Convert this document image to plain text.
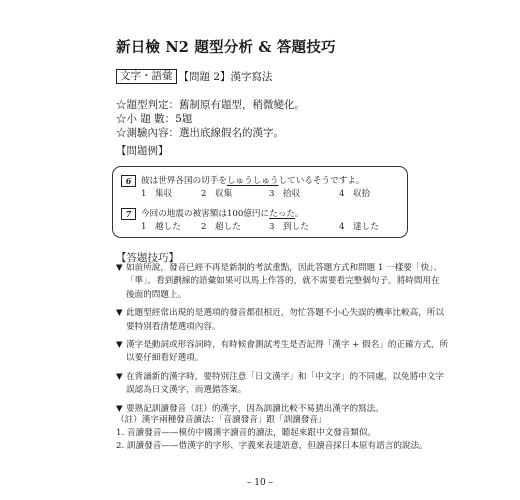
新日檢 N2 題型分析 & 答題技巧
文字・語彙 【問題 2】漢字寫法
☆題型判定：舊制原有題型，稍微變化。
☆小 題 數：5題
☆測驗內容：選出底線假名的漢字。
【問題例】
6 彼は世界各国の切手をしゅうしゅうしているそうですよ。
1　集収	2　収集	3　拾収	4　収拾
7 今回の地震の被害額は100億円にたった。
1　越した 2　超した	3　到した	4　達した
【答題技巧】
▼ 如前所說，發音已經不再是新制的考試重點，因此答題方式和問題 1 一樣要「快」、
「準」。看到劃線的語彙如果可以馬上作答的，就不需要看完整個句子。將時間用在
後面的問題上。
▼ 此題型經常出現的是選項的發音都很相近，勿忙答題不小心失誤的機率比較高，所以
要特別看清楚選項內容。
▼ 漢字是動詞或形容詞時，有時候會測試考生是否記得「漢字 + 假名」的正確方式，所
以要仔細看好選項。
▼ 在背誦新的漢字時，要特別注意「日文漢字」和「中文字」的不同處，以免將中文字
誤認為日文漢字，而選錯答案。
▼ 要熟記訓讀發音（註）的漢字，因為訓讀比較不易猜出漢字的寫法。
（註）漢字兩種發音讀法：「音讀發音」跟「訓讀發音」
1. 音讀發音——模仿中國漢字讀音的讀法，聽起來跟中文發音類似。
2. 訓讀發音——借漢字的字形、字義來表達語意，但讀音採日本原有語言的說法。
– 10 –
